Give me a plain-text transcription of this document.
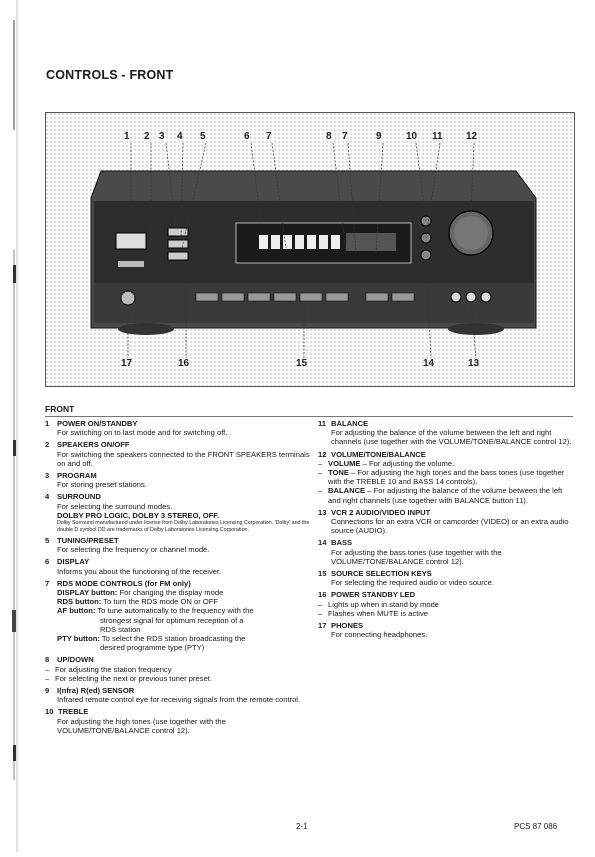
CONTROLS - FRONT
1 2 3 4 5	6 7	8 7	9 10 11 12
17	16	15	14	13
FRONT
1 POWER ON/STANDBY
For switching on to last mode and for switching off.
2 SPEAKERS ON/OFF
For switching the speakers connected to the FRONT SPEAKERS terminals on and off.
3 PROGRAM
For storing preset stations.
4 SURROUND
For selecting the surround modes.
DOLBY PRO LOGIC, DOLBY 3 STEREO, OFF.
Dolby Surround manufactured under license from Dolby Laboratories Licensing Corporation. 'Dolby' and the double D symbol DD are trademarks of Dolby Laboratories Licensing Corporation.
5 TUNING/PRESET
For selecting the frequency or channel mode.
6 DISPLAY
Informs you about the functioning of the receiver.
7 RDS MODE CONTROLS (for FM only)
DISPLAY button: For changing the display mode
RDS button: To turn the RDS mode ON or OFF
AF button: To tune automatically to the frequency with the
strongest signal for optimum reception of a
RDS station
PTY button: To select the RDS station broadcasting the
desired programme type (PTY)
8 UP/DOWN
– For adjusting the station frequency
– For selecting the next or previous tuner preset.
9 I(nfra) R(ed) SENSOR
Infrared remote control eye for receiving signals from the remote control.
10 TREBLE
For adjusting the high tones (use together with the VOLUME/TONE/BALANCE control 12).
11 BALANCE
For adjusting the balance of the volume between the left and right channels (use together with the VOLUME/TONE/BALANCE control 12).
12 VOLUME/TONE/BALANCE
– VOLUME – For adjusting the volume.
– TONE – For adjusting the high tones and the bass tones (use together with the TREBLE 10 and BASS 14 controls).
– BALANCE – For adjusting the balance of the volume between the left and right channels (use together with BALANCE button 11).
13 VCR 2 AUDIO/VIDEO INPUT
Connections for an extra VCR or camcorder (VIDEO) or an extra audio source (AUDIO).
14 BASS
For adjusting the bass tones (use together with the VOLUME/TONE/BALANCE control 12).
15 SOURCE SELECTION KEYS
For selecting the required audio or video source.
16 POWER STANDBY LED
– Lights up when in stand by mode
– Flashes when MUTE is active
17 PHONES
For connecting headphones.
2-1	PCS 87 086
